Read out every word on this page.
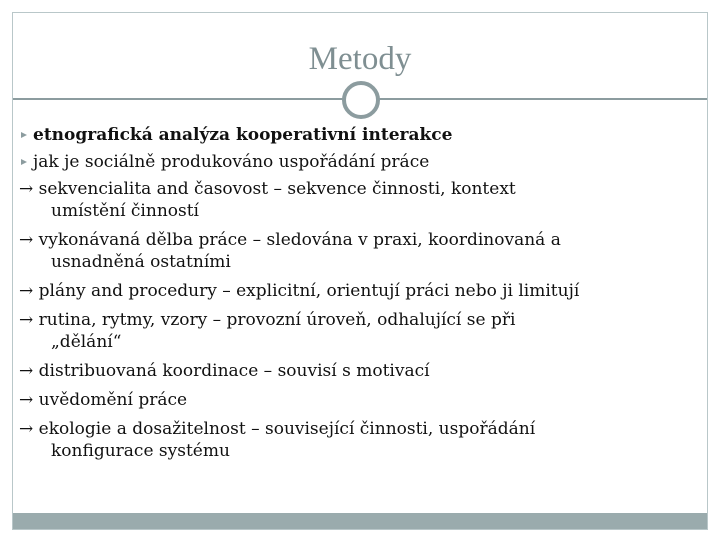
Metody
etnografická analýza kooperativní interakce
jak je sociálně produkováno uspořádání práce
→ sekvencialita and časovost – sekvence činnosti, kontext
umístění činností
→ vykonávaná dělba práce – sledována v praxi, koordinovaná a
usnadněná ostatními
→ plány and procedury – explicitní, orientují práci nebo ji limitují
→ rutina, rytmy, vzory – provozní úroveň, odhalující se při
„dělání“
→ distribuovaná koordinace – souvisí s motivací
→ uvědomění práce
→ ekologie a dosažitelnost – související činnosti, uspořádání
konfigurace systému
